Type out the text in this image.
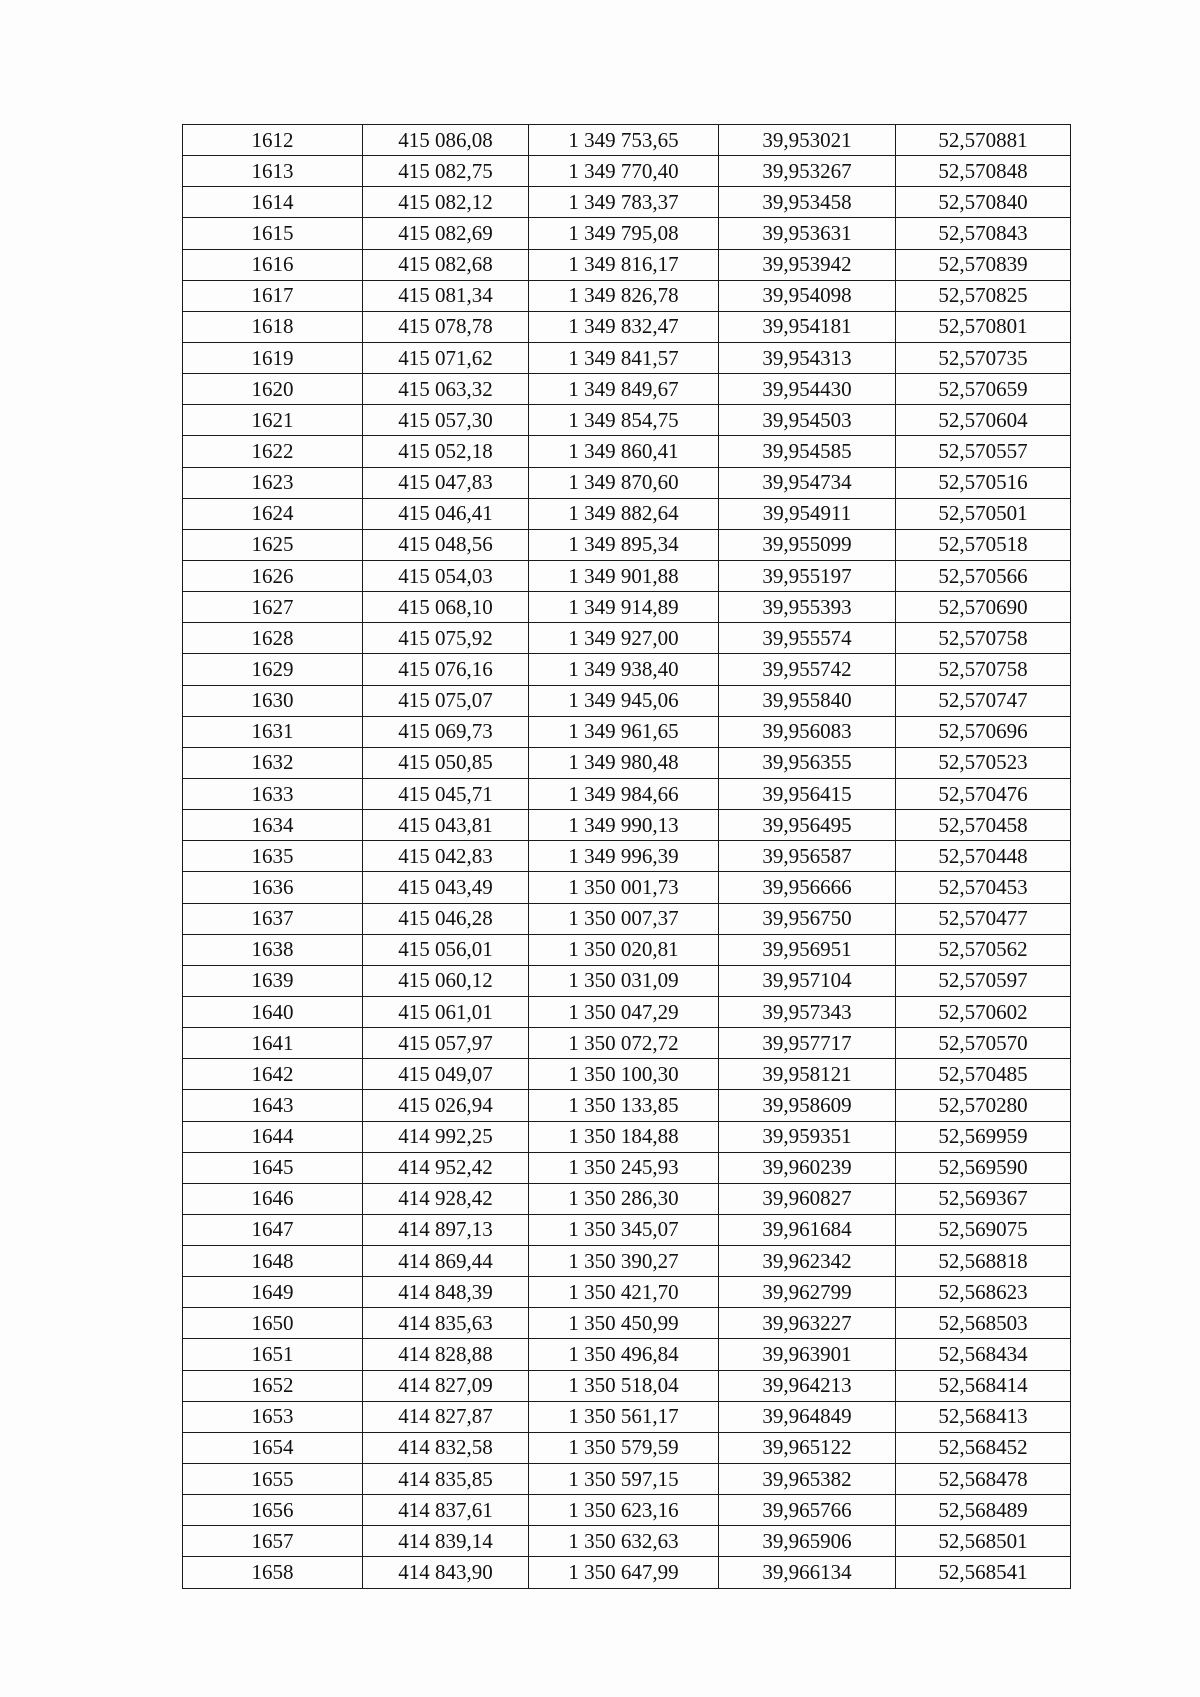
1612	415 086,08	1 349 753,65	39,953021	52,570881
1613	415 082,75	1 349 770,40	39,953267	52,570848
1614	415 082,12	1 349 783,37	39,953458	52,570840
1615	415 082,69	1 349 795,08	39,953631	52,570843
1616	415 082,68	1 349 816,17	39,953942	52,570839
1617	415 081,34	1 349 826,78	39,954098	52,570825
1618	415 078,78	1 349 832,47	39,954181	52,570801
1619	415 071,62	1 349 841,57	39,954313	52,570735
1620	415 063,32	1 349 849,67	39,954430	52,570659
1621	415 057,30	1 349 854,75	39,954503	52,570604
1622	415 052,18	1 349 860,41	39,954585	52,570557
1623	415 047,83	1 349 870,60	39,954734	52,570516
1624	415 046,41	1 349 882,64	39,954911	52,570501
1625	415 048,56	1 349 895,34	39,955099	52,570518
1626	415 054,03	1 349 901,88	39,955197	52,570566
1627	415 068,10	1 349 914,89	39,955393	52,570690
1628	415 075,92	1 349 927,00	39,955574	52,570758
1629	415 076,16	1 349 938,40	39,955742	52,570758
1630	415 075,07	1 349 945,06	39,955840	52,570747
1631	415 069,73	1 349 961,65	39,956083	52,570696
1632	415 050,85	1 349 980,48	39,956355	52,570523
1633	415 045,71	1 349 984,66	39,956415	52,570476
1634	415 043,81	1 349 990,13	39,956495	52,570458
1635	415 042,83	1 349 996,39	39,956587	52,570448
1636	415 043,49	1 350 001,73	39,956666	52,570453
1637	415 046,28	1 350 007,37	39,956750	52,570477
1638	415 056,01	1 350 020,81	39,956951	52,570562
1639	415 060,12	1 350 031,09	39,957104	52,570597
1640	415 061,01	1 350 047,29	39,957343	52,570602
1641	415 057,97	1 350 072,72	39,957717	52,570570
1642	415 049,07	1 350 100,30	39,958121	52,570485
1643	415 026,94	1 350 133,85	39,958609	52,570280
1644	414 992,25	1 350 184,88	39,959351	52,569959
1645	414 952,42	1 350 245,93	39,960239	52,569590
1646	414 928,42	1 350 286,30	39,960827	52,569367
1647	414 897,13	1 350 345,07	39,961684	52,569075
1648	414 869,44	1 350 390,27	39,962342	52,568818
1649	414 848,39	1 350 421,70	39,962799	52,568623
1650	414 835,63	1 350 450,99	39,963227	52,568503
1651	414 828,88	1 350 496,84	39,963901	52,568434
1652	414 827,09	1 350 518,04	39,964213	52,568414
1653	414 827,87	1 350 561,17	39,964849	52,568413
1654	414 832,58	1 350 579,59	39,965122	52,568452
1655	414 835,85	1 350 597,15	39,965382	52,568478
1656	414 837,61	1 350 623,16	39,965766	52,568489
1657	414 839,14	1 350 632,63	39,965906	52,568501
1658	414 843,90	1 350 647,99	39,966134	52,568541
